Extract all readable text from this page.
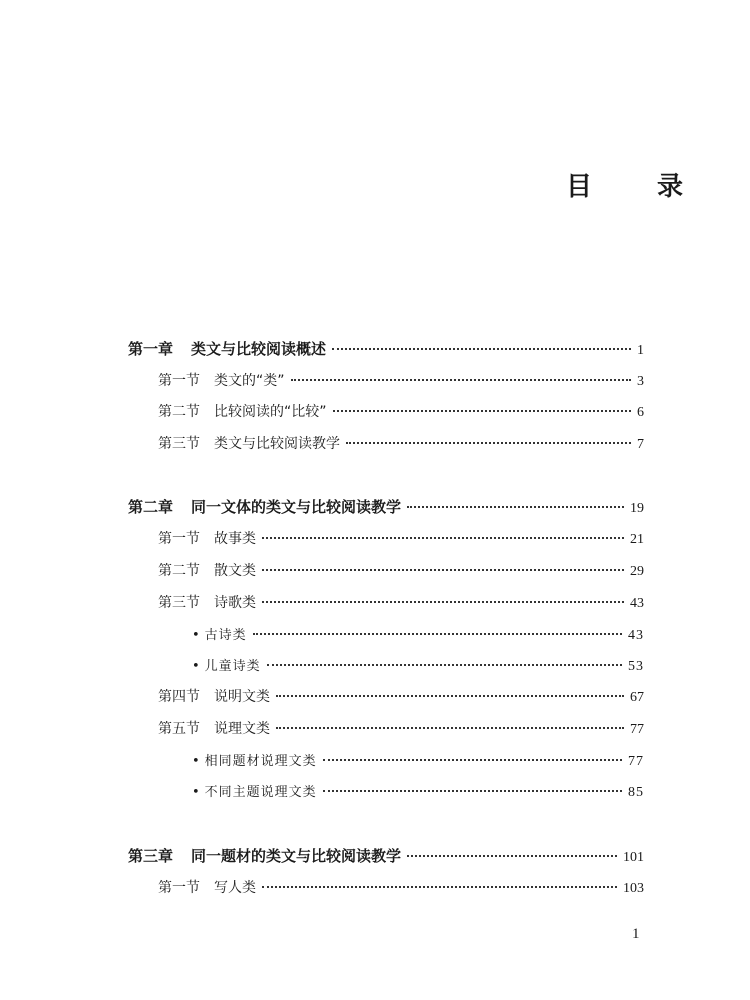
目 录
第一章 类文与比较阅读概述	1
第一节 类文的“类”	3
第二节 比较阅读的“比较”	6
第三节 类文与比较阅读教学	7
第二章 同一文体的类文与比较阅读教学	19
第一节 故事类	21
第二节 散文类	29
第三节 诗歌类	43
• 古诗类	43
• 儿童诗类	53
第四节 说明文类	67
第五节 说理文类	77
• 相同题材说理文类	77
• 不同主题说理文类	85
第三章 同一题材的类文与比较阅读教学	101
第一节 写人类	103
1
